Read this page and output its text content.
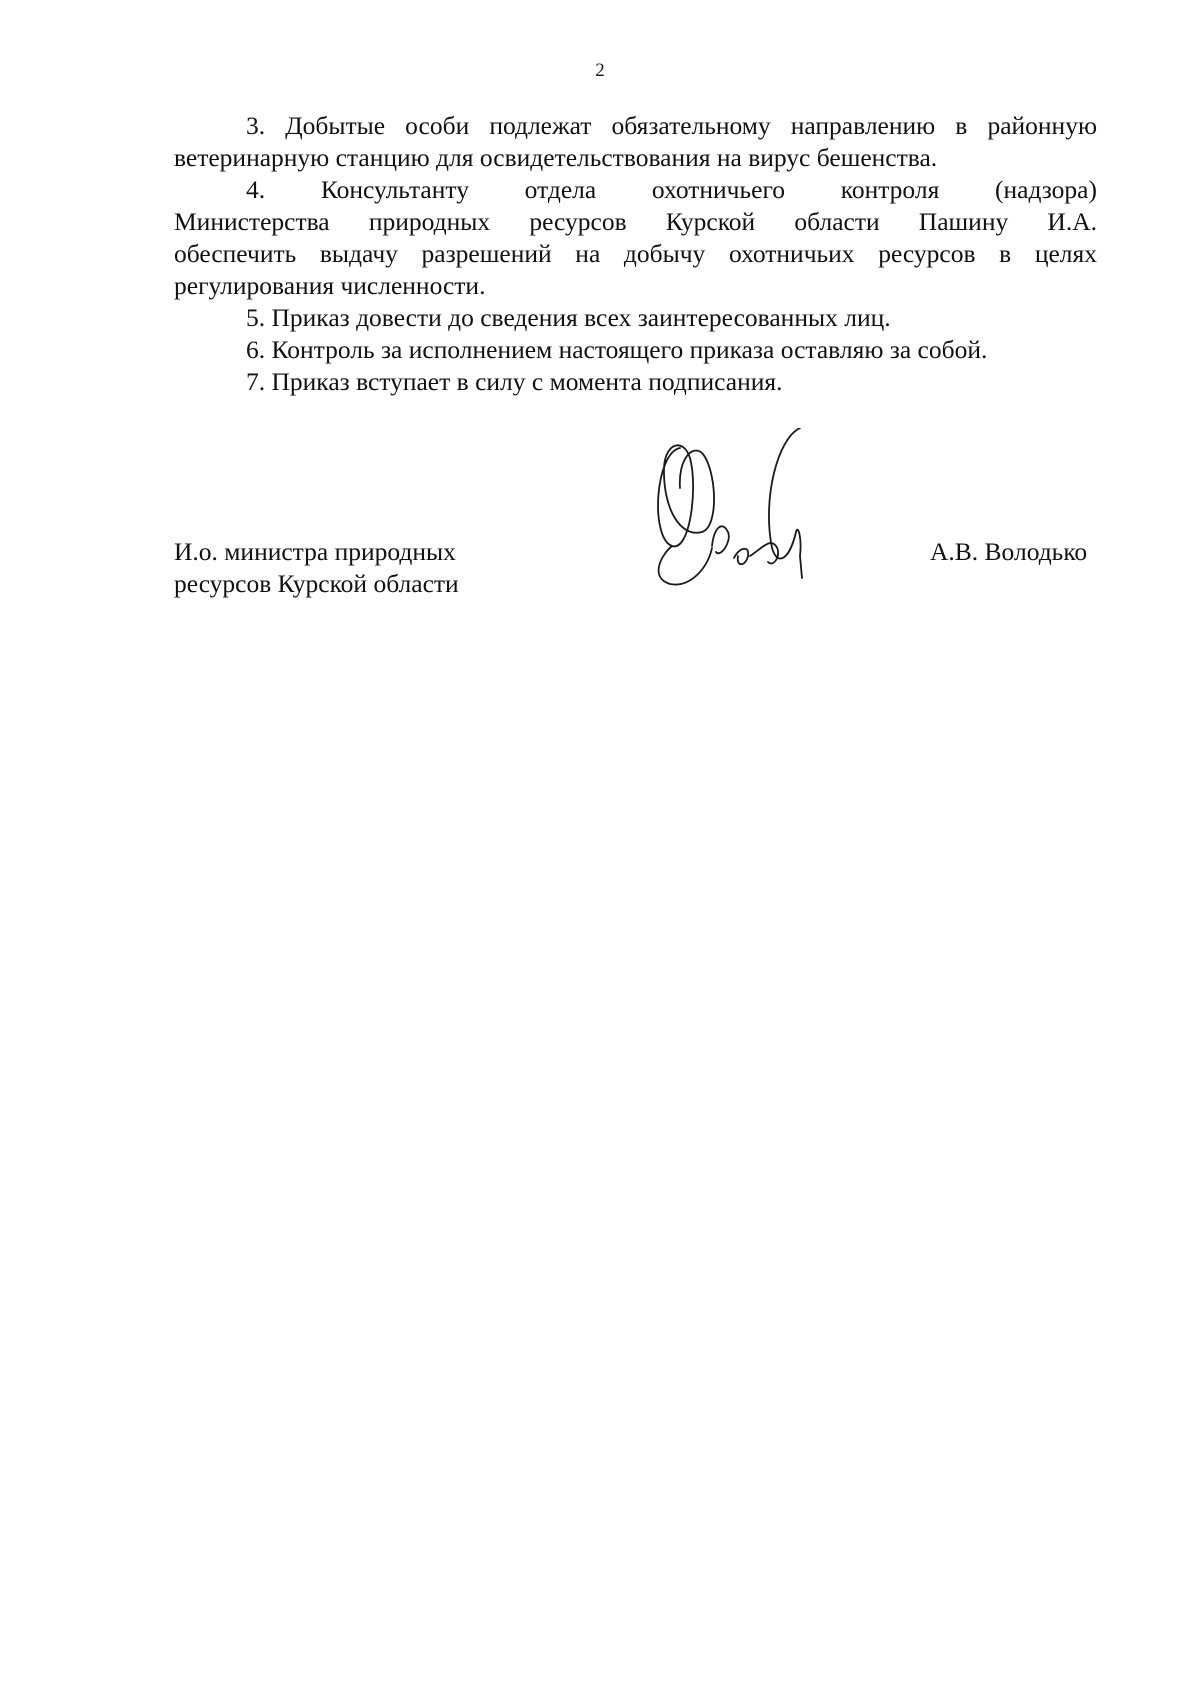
2

3. Добытые особи подлежат обязательному направлению в районную

ветеринарную станцию для освидетельствования на вирус бешенства.

4. Консультанту отдела охотничьего контроля (надзора)

Министерства природных ресурсов Курской области Пашину И.А.

обеспечить выдачу разрешений на добычу охотничьих ресурсов в целях

регулирования численности.

5. Приказ довести до сведения всех заинтересованных лиц.

6. Контроль за исполнением настоящего приказа оставляю за собой.

7. Приказ вступает в силу с момента подписания.

И.о. министра природных
ресурсов Курской области
А.В. Володько
